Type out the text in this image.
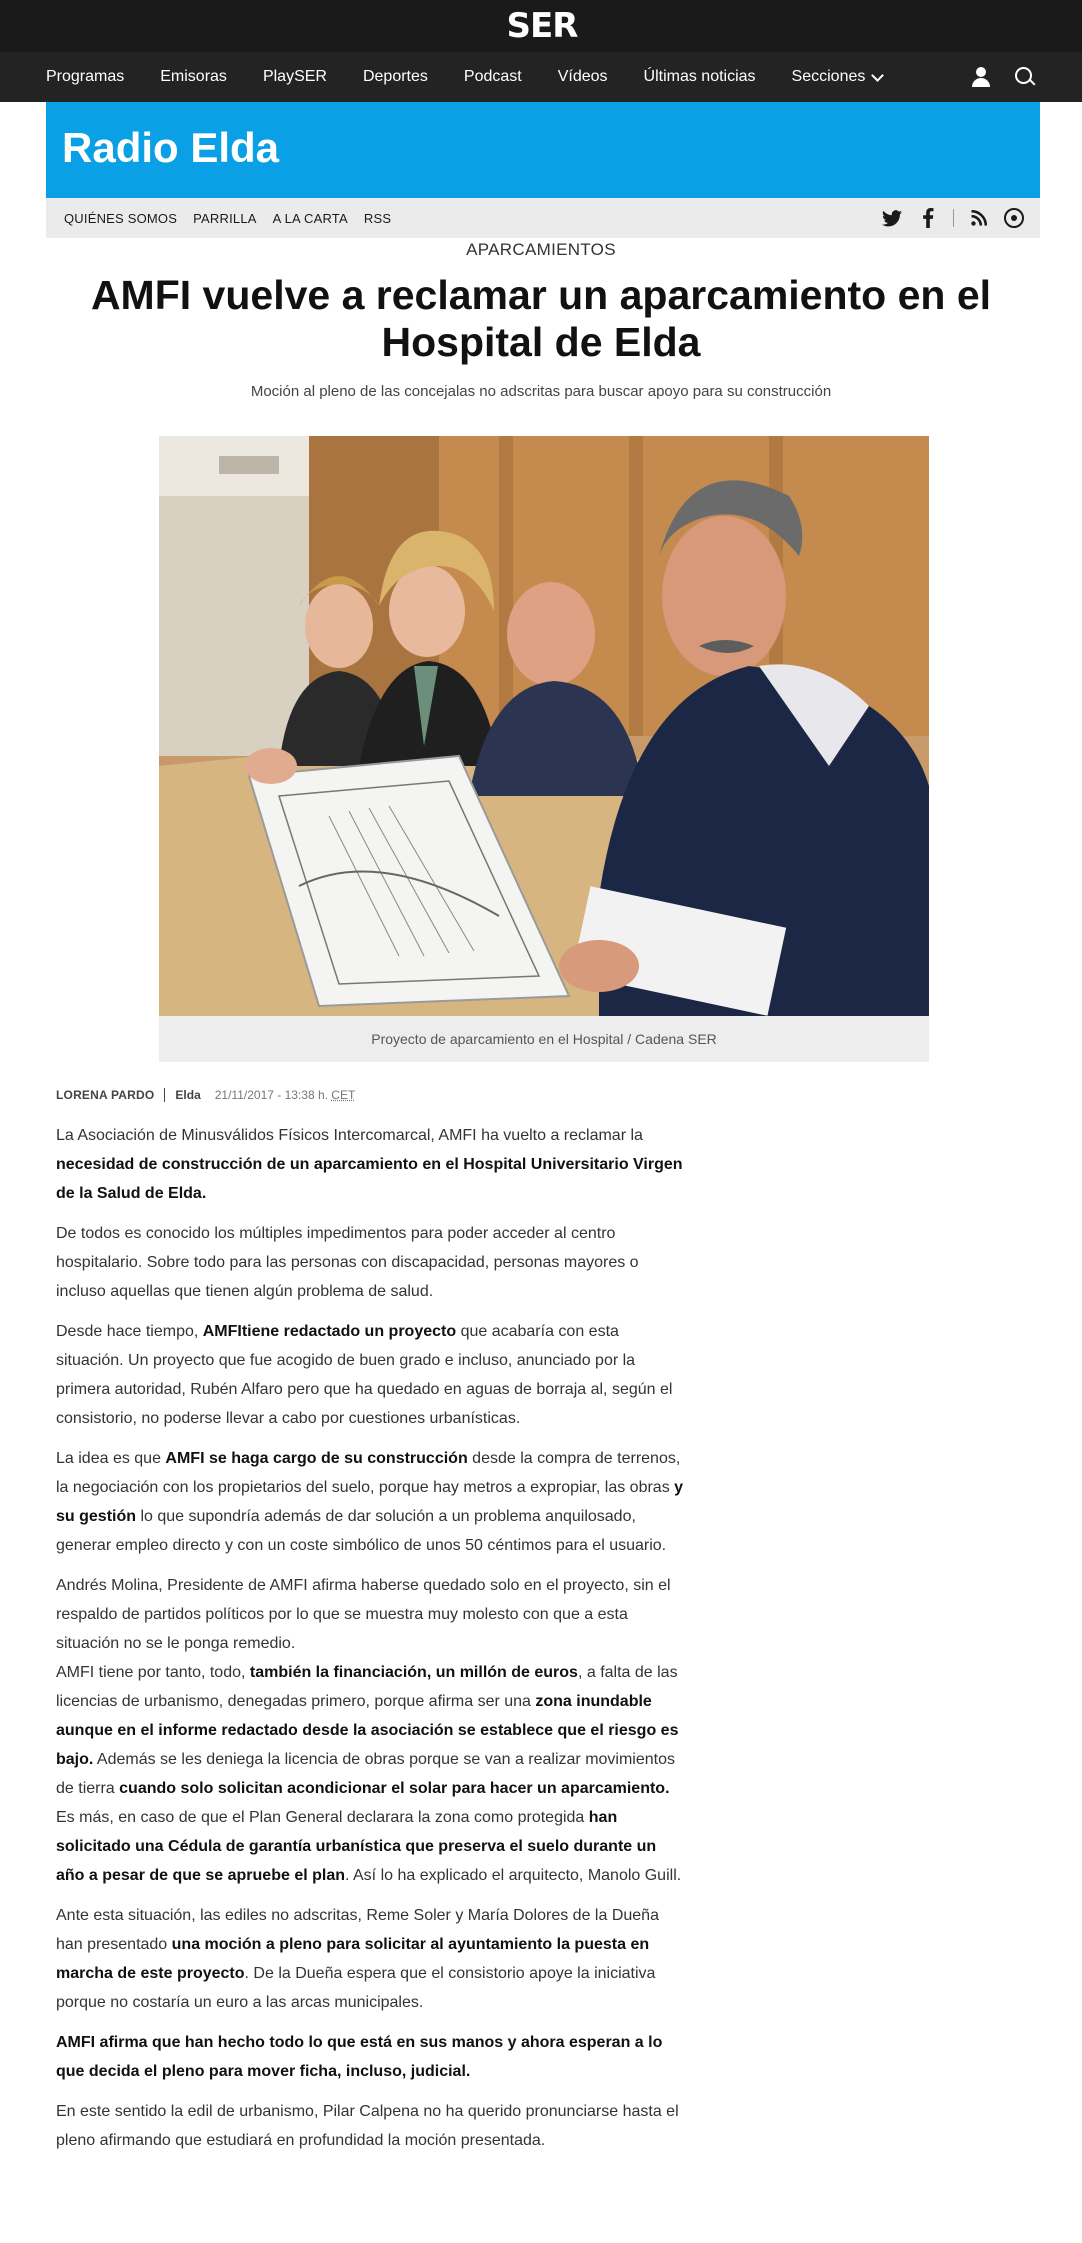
SER
Programas Emisoras PlaySER Deportes Podcast Vídeos Últimas noticias Secciones
Radio Elda
QUIÉNES SOMOS PARRILLA A LA CARTA RSS
APARCAMIENTOS
AMFI vuelve a reclamar un aparcamiento en el Hospital de Elda
Moción al pleno de las concejalas no adscritas para buscar apoyo para su construcción
Proyecto de aparcamiento en el Hospital / Cadena SER
LORENA PARDO Elda 21/11/2017 - 13:38 h. CET

La Asociación de Minusválidos Físicos Intercomarcal, AMFI ha vuelto a reclamar la necesidad de construcción de un aparcamiento en el Hospital Universitario Virgen de la Salud de Elda.

De todos es conocido los múltiples impedimentos para poder acceder al centro hospitalario. Sobre todo para las personas con discapacidad, personas mayores o incluso aquellas que tienen algún problema de salud.

Desde hace tiempo, AMFItiene redactado un proyecto que acabaría con esta situación. Un proyecto que fue acogido de buen grado e incluso, anunciado por la primera autoridad, Rubén Alfaro pero que ha quedado en aguas de borraja al, según el consistorio, no poderse llevar a cabo por cuestiones urbanísticas.

La idea es que AMFI se haga cargo de su construcción desde la compra de terrenos, la negociación con los propietarios del suelo, porque hay metros a expropiar, las obras y su gestión lo que supondría además de dar solución a un problema anquilosado, generar empleo directo y con un coste simbólico de unos 50 céntimos para el usuario.

Andrés Molina, Presidente de AMFI afirma haberse quedado solo en el proyecto, sin el respaldo de partidos políticos por lo que se muestra muy molesto con que a esta situación no se le ponga remedio.

AMFI tiene por tanto, todo, también la financiación, un millón de euros, a falta de las licencias de urbanismo, denegadas primero, porque afirma ser una zona inundable aunque en el informe redactado desde la asociación se establece que el riesgo es bajo. Además se les deniega la licencia de obras porque se van a realizar movimientos de tierra cuando solo solicitan acondicionar el solar para hacer un aparcamiento. Es más, en caso de que el Plan General declarara la zona como protegida han solicitado una Cédula de garantía urbanística que preserva el suelo durante un año a pesar de que se apruebe el plan. Así lo ha explicado el arquitecto, Manolo Guill.

Ante esta situación, las ediles no adscritas, Reme Soler y María Dolores de la Dueña han presentado una moción a pleno para solicitar al ayuntamiento la puesta en marcha de este proyecto. De la Dueña espera que el consistorio apoye la iniciativa porque no costaría un euro a las arcas municipales.

AMFI afirma que han hecho todo lo que está en sus manos y ahora esperan a lo que decida el pleno para mover ficha, incluso, judicial.

En este sentido la edil de urbanismo, Pilar Calpena no ha querido pronunciarse hasta el pleno afirmando que estudiará en profundidad la moción presentada.
